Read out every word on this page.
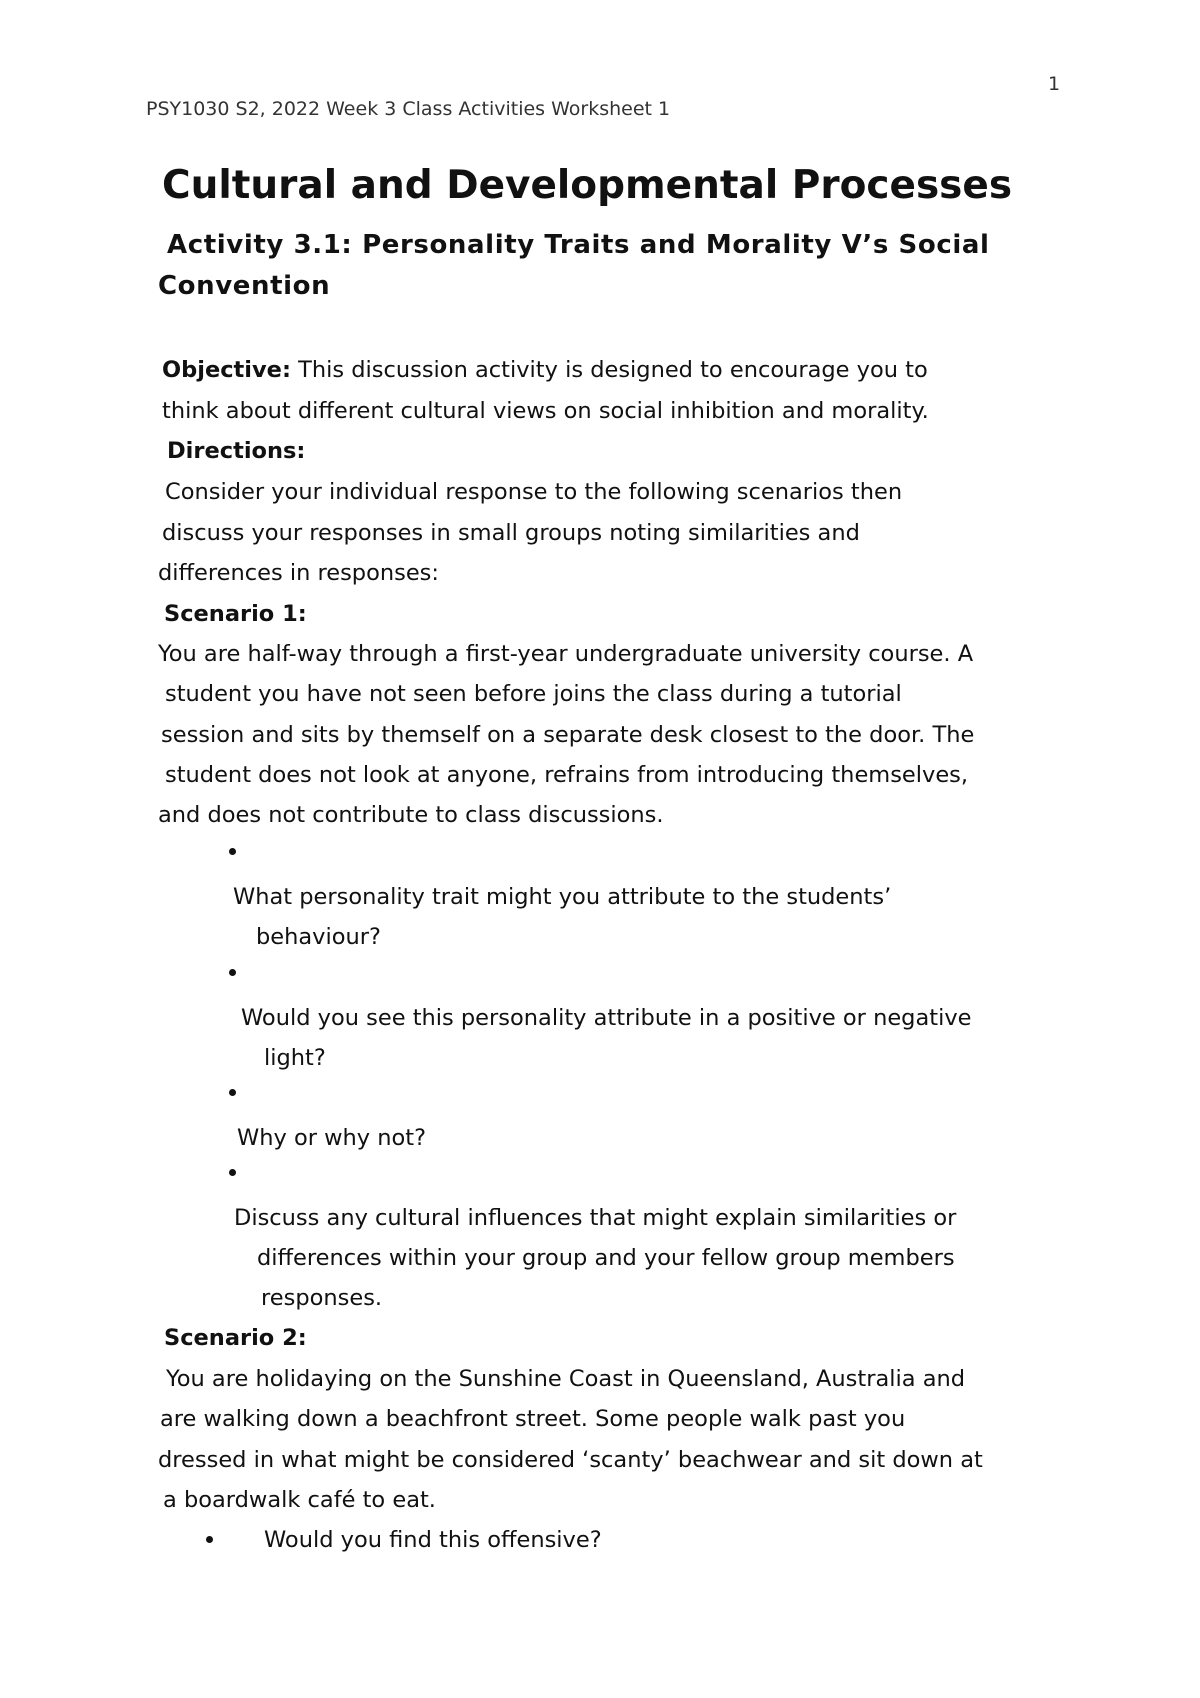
1
PSY1030 S2, 2022 Week 3 Class Activities Worksheet 1
Cultural and Developmental Processes
Activity 3.1: Personality Traits and Morality V’s Social
Convention
Objective: This discussion activity is designed to encourage you to
think about different cultural views on social inhibition and morality.
Directions:
Consider your individual response to the following scenarios then
discuss your responses in small groups noting similarities and
differences in responses:
Scenario 1:
You are half-way through a first-year undergraduate university course. A
student you have not seen before joins the class during a tutorial
session and sits by themself on a separate desk closest to the door. The
student does not look at anyone, refrains from introducing themselves,
and does not contribute to class discussions.
What personality trait might you attribute to the students’
behaviour?
Would you see this personality attribute in a positive or negative
light?
Why or why not?
Discuss any cultural influences that might explain similarities or
differences within your group and your fellow group members
responses.
Scenario 2:
You are holidaying on the Sunshine Coast in Queensland, Australia and
are walking down a beachfront street. Some people walk past you
dressed in what might be considered ‘scanty’ beachwear and sit down at
a boardwalk café to eat.
Would you find this offensive?
